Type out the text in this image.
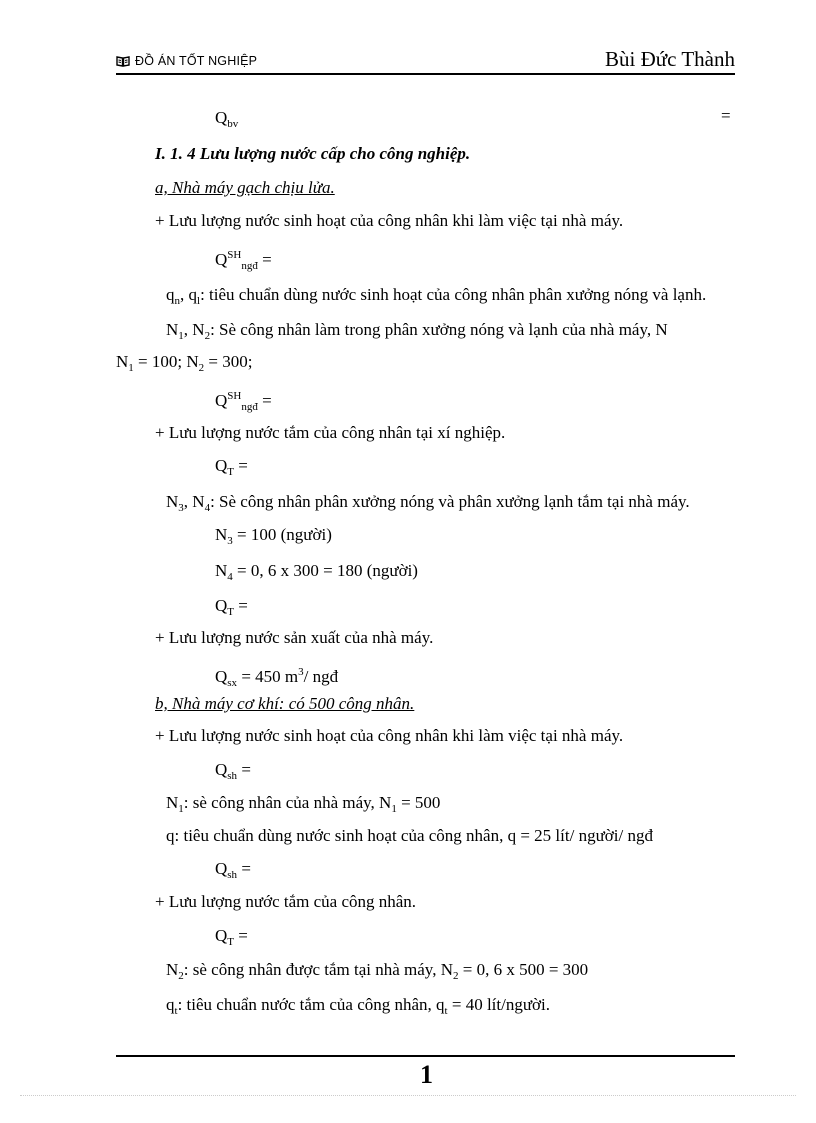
ĐỒ ÁN TỐT NGHIỆP	Bùi Đức Thành
$Q_{bv}$	=
I. 1. 4 Lưu lượng nước cấp cho công nghiệp.
a, Nhà máy gạch chịu lửa.
+ Lưu lượng nước sinh hoạt của công nhân khi làm việc tại nhà máy.
$Q^{SH}_{ngđ}$ =
$q_n$, $q_l$: tiêu chuẩn dùng nước sinh hoạt của công nhân phân xưởng nóng và lạnh.
$N_1$, $N_2$: Sè công nhân làm trong phân xưởng nóng và lạnh của nhà máy, N
$N_1 = 100$; $N_2 = 300$;
$Q^{SH}_{ngđ}$ =
+ Lưu lượng nước tắm của công nhân tại xí nghiệp.
$Q_T$ =
$N_3$, $N_4$: Sè công nhân phân xưởng nóng và phân xưởng lạnh tắm tại nhà máy.
$N_3 = 100$ (người)
$N_4 = 0$, 6 x 300 = 180 (người)
$Q_T$ =
+ Lưu lượng nước sản xuất của nhà máy.
$Q_{sx} = 450$ $m^3/$ ngđ
b, Nhà máy cơ khí: có 500 công nhân.
+ Lưu lượng nước sinh hoạt của công nhân khi làm việc tại nhà máy.
$Q_{sh}$ =
$N_1$: sè công nhân của nhà máy, $N_1 = 500$
q: tiêu chuẩn dùng nước sinh hoạt của công nhân, q = 25 lít/ người/ ngđ
$Q_{sh}$ =
+ Lưu lượng nước tắm của công nhân.
$Q_T$ =
$N_2$: sè công nhân được tắm tại nhà máy, $N_2 = 0$, 6 x 500 = 300
$q_t$: tiêu chuẩn nước tắm của công nhân, $q_t = 40$ lít/người.
1
